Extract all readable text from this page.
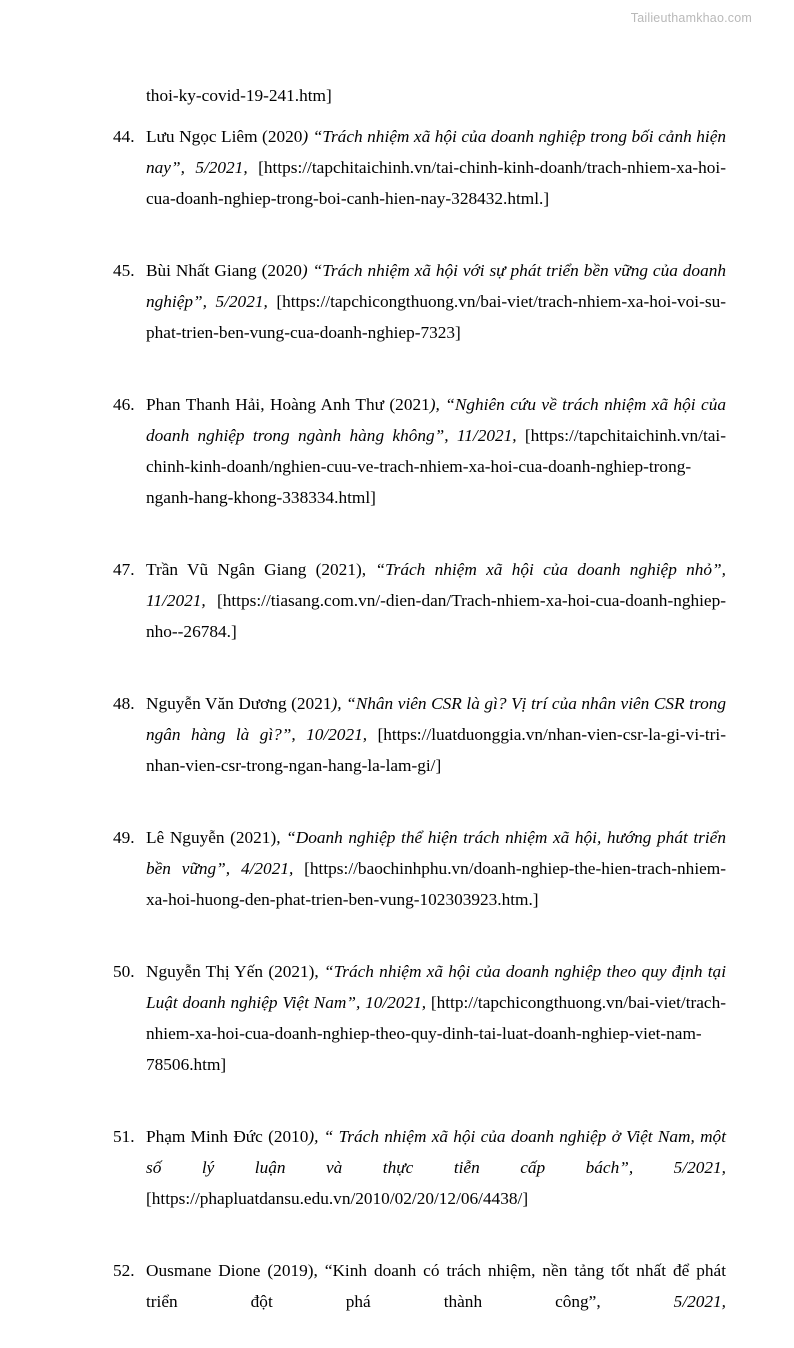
Tailieuthamkhao.com
thoi-ky-covid-19-241.htm]
44. Lưu Ngọc Liêm (2020) “Trách nhiệm xã hội của doanh nghiệp trong bối cảnh hiện nay”, 5/2021, [https://tapchitaichinh.vn/tai-chinh-kinh-doanh/trach-nhiem-xa-hoi-cua-doanh-nghiep-trong-boi-canh-hien-nay-328432.html.]
45. Bùi Nhất Giang (2020) “Trách nhiệm xã hội với sự phát triển bền vững của doanh nghiệp”, 5/2021, [https://tapchicongthuong.vn/bai-viet/trach-nhiem-xa-hoi-voi-su-phat-trien-ben-vung-cua-doanh-nghiep-7323]
46. Phan Thanh Hải, Hoàng Anh Thư (2021), “Nghiên cứu về trách nhiệm xã hội của doanh nghiệp trong ngành hàng không”, 11/2021, [https://tapchitaichinh.vn/tai-chinh-kinh-doanh/nghien-cuu-ve-trach-nhiem-xa-hoi-cua-doanh-nghiep-trong-nganh-hang-khong-338334.html]
47. Trần Vũ Ngân Giang (2021), “Trách nhiệm xã hội của doanh nghiệp nhỏ”, 11/2021, [https://tiasang.com.vn/-dien-dan/Trach-nhiem-xa-hoi-cua-doanh-nghiep-nho--26784.]
48. Nguyễn Văn Dương (2021), “Nhân viên CSR là gì? Vị trí của nhân viên CSR trong ngân hàng là gì?”, 10/2021, [https://luatduonggia.vn/nhan-vien-csr-la-gi-vi-tri-nhan-vien-csr-trong-ngan-hang-la-lam-gi/]
49. Lê Nguyễn (2021), “Doanh nghiệp thể hiện trách nhiệm xã hội, hướng phát triển bền vững”, 4/2021, [https://baochinhphu.vn/doanh-nghiep-the-hien-trach-nhiem-xa-hoi-huong-den-phat-trien-ben-vung-102303923.htm.]
50. Nguyễn Thị Yến (2021), “Trách nhiệm xã hội của doanh nghiệp theo quy định tại Luật doanh nghiệp Việt Nam”, 10/2021, [http://tapchicongthuong.vn/bai-viet/trach-nhiem-xa-hoi-cua-doanh-nghiep-theo-quy-dinh-tai-luat-doanh-nghiep-viet-nam-78506.htm]
51. Phạm Minh Đức (2010), “ Trách nhiệm xã hội của doanh nghiệp ở Việt Nam, một số lý luận và thực tiễn cấp bách”, 5/2021, [https://phapluatdansu.edu.vn/2010/02/20/12/06/4438/]
52. Ousmane Dione (2019), “Kinh doanh có trách nhiệm, nền tảng tốt nhất để phát triển đột phá thành công”,	5/2021,
